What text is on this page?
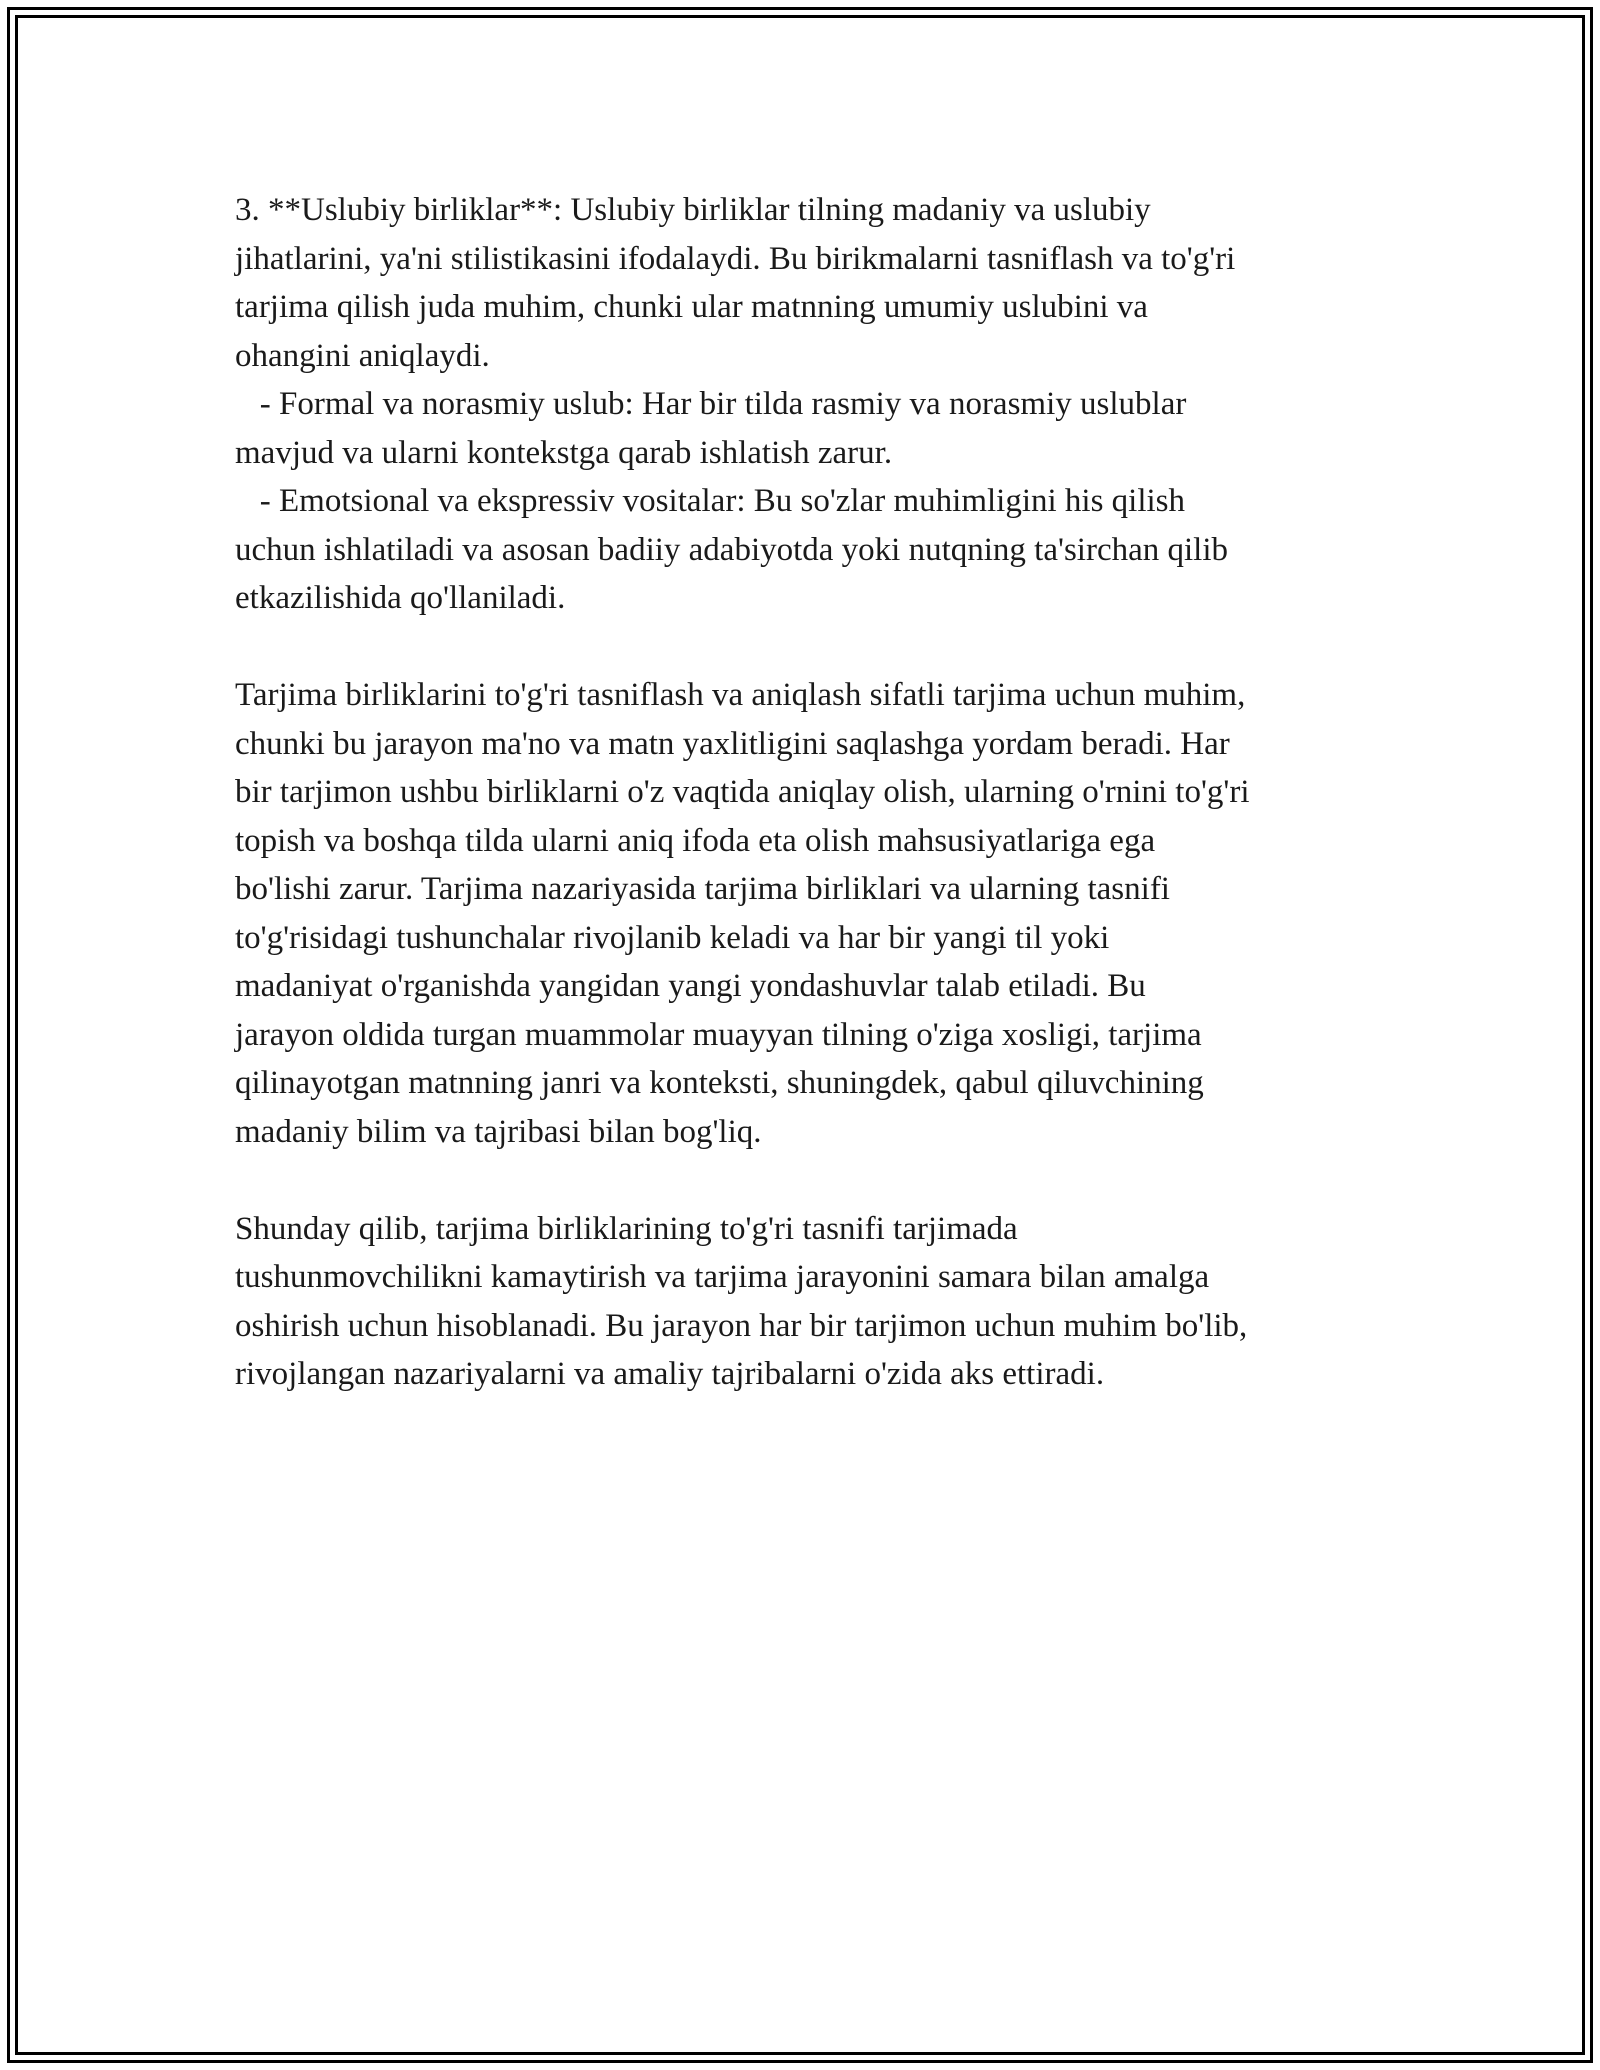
3. **Uslubiy birliklar**: Uslubiy birliklar tilning madaniy va uslubiy
jihatlarini, ya'ni stilistikasini ifodalaydi. Bu birikmalarni tasniflash va to'g'ri
tarjima qilish juda muhim, chunki ular matnning umumiy uslubini va
ohangini aniqlaydi.
- Formal va norasmiy uslub: Har bir tilda rasmiy va norasmiy uslublar
mavjud va ularni kontekstga qarab ishlatish zarur.
- Emotsional va ekspressiv vositalar: Bu so'zlar muhimligini his qilish
uchun ishlatiladi va asosan badiiy adabiyotda yoki nutqning ta'sirchan qilib
etkazilishida qo'llaniladi.
Tarjima birliklarini to'g'ri tasniflash va aniqlash sifatli tarjima uchun muhim,
chunki bu jarayon ma'no va matn yaxlitligini saqlashga yordam beradi. Har
bir tarjimon ushbu birliklarni o'z vaqtida aniqlay olish, ularning o'rnini to'g'ri
topish va boshqa tilda ularni aniq ifoda eta olish mahsusiyatlariga ega
bo'lishi zarur. Tarjima nazariyasida tarjima birliklari va ularning tasnifi
to'g'risidagi tushunchalar rivojlanib keladi va har bir yangi til yoki
madaniyat o'rganishda yangidan yangi yondashuvlar talab etiladi. Bu
jarayon oldida turgan muammolar muayyan tilning o'ziga xosligi, tarjima
qilinayotgan matnning janri va konteksti, shuningdek, qabul qiluvchining
madaniy bilim va tajribasi bilan bog'liq.
Shunday qilib, tarjima birliklarining to'g'ri tasnifi tarjimada
tushunmovchilikni kamaytirish va tarjima jarayonini samara bilan amalga
oshirish uchun hisoblanadi. Bu jarayon har bir tarjimon uchun muhim bo'lib,
rivojlangan nazariyalarni va amaliy tajribalarni o'zida aks ettiradi.
